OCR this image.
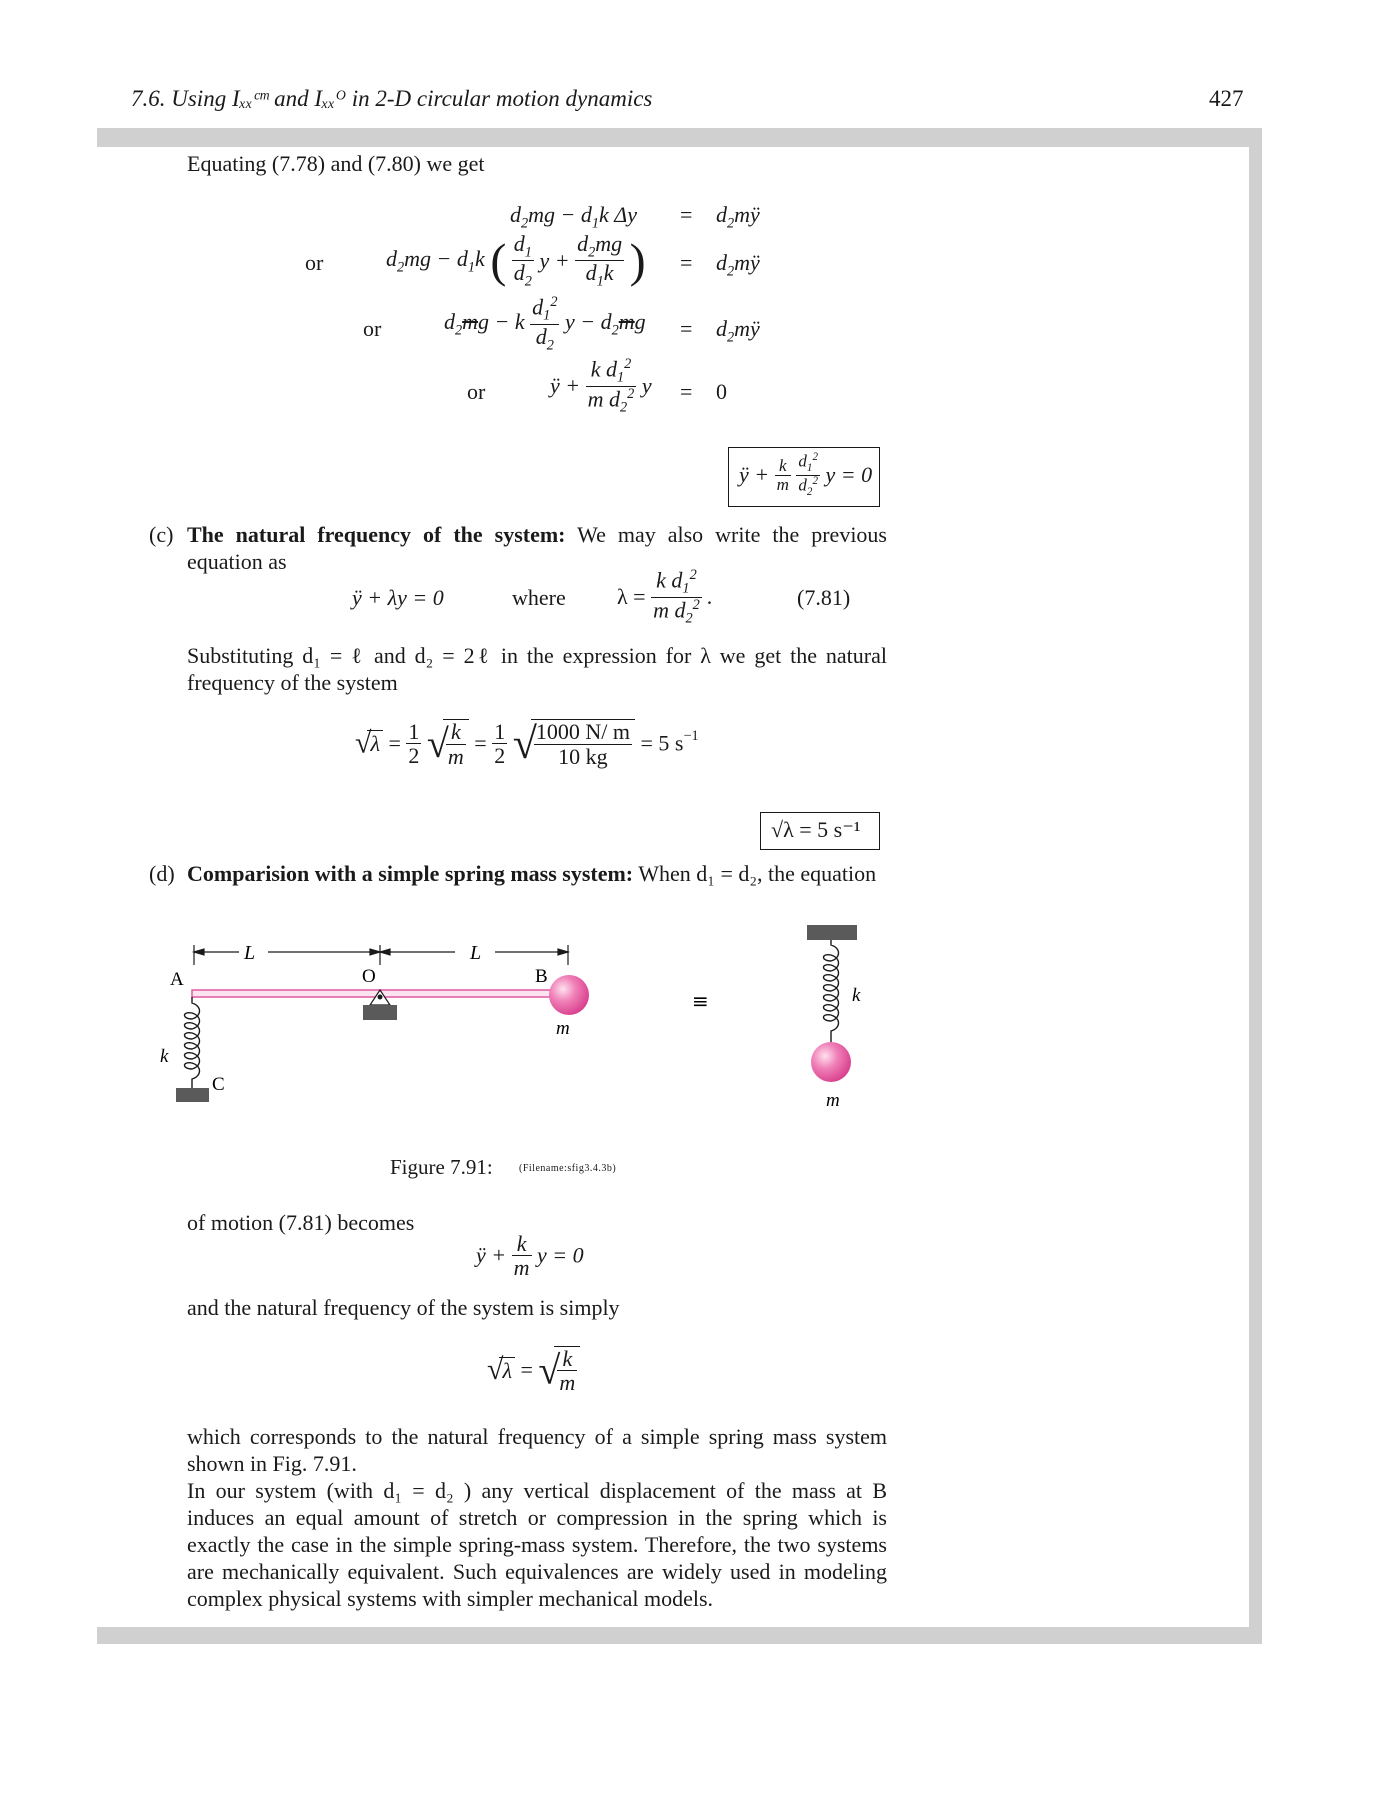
7.6. Using Iₓₓᶜᵐ and Iₓₓᴼ in 2-D circular motion dynamics	427
Equating (7.78) and (7.80) we get
$d_2mg - d_1k$ $\Delta y = d_2mÿ$
or	$d_2mg - d_1k$ ( $\frac{d_1}{d_2}$ $y + \frac{d_2mg}{d_1k}$ ) = $d_2mÿ$
or	$d_2mg - k \frac{d_1^2}{d_2}$ $y - d_2mg$ = $d_2mÿ$
or	ÿ + $\frac{k d_1^2}{m d_2^2}$ y = 0
ÿ + $\frac{k}{m}$
$\frac{d_1^2}{d_2^2}$ y = 0
(c) The natural frequency of the system: We may also write the previous equation as
ÿ + λy = 0	where $\lambda = \frac{k d_1^2}{m d_2^2}$ .	(7.81)
Substituting d₁ = ℓ and d₂ = 2ℓ in the expression for λ we get the natural frequency of the system
$√\lambda = \frac{1}{2}$ √
$\frac{k}{m} = \frac{1}{2}$ √
$\frac{1000 N/ m}{10 kg} = 5$ $s^{-1}$
√λ = 5 s⁻¹
(d) Comparision with a simple spring mass system: When d₁ = d₂, the equation
L	L
A	O	B
m
k
C
≡	k
m
Figure 7.91:	(Filename:sfig3.4.3b)
of motion (7.81) becomes
ÿ + $\frac{k}{m}$ y = 0
and the natural frequency of the system is simply
√λ = √
$\frac{k}{m}$
which corresponds to the natural frequency of a simple spring mass system shown in Fig. 7.91.
In our system (with d₁ = d₂ ) any vertical displacement of the mass at B induces an equal amount of stretch or compression in the spring which is exactly the case in the simple spring-mass system. Therefore, the two systems are mechanically equivalent. Such equivalences are widely used in modeling complex physical systems with simpler mechanical models.
